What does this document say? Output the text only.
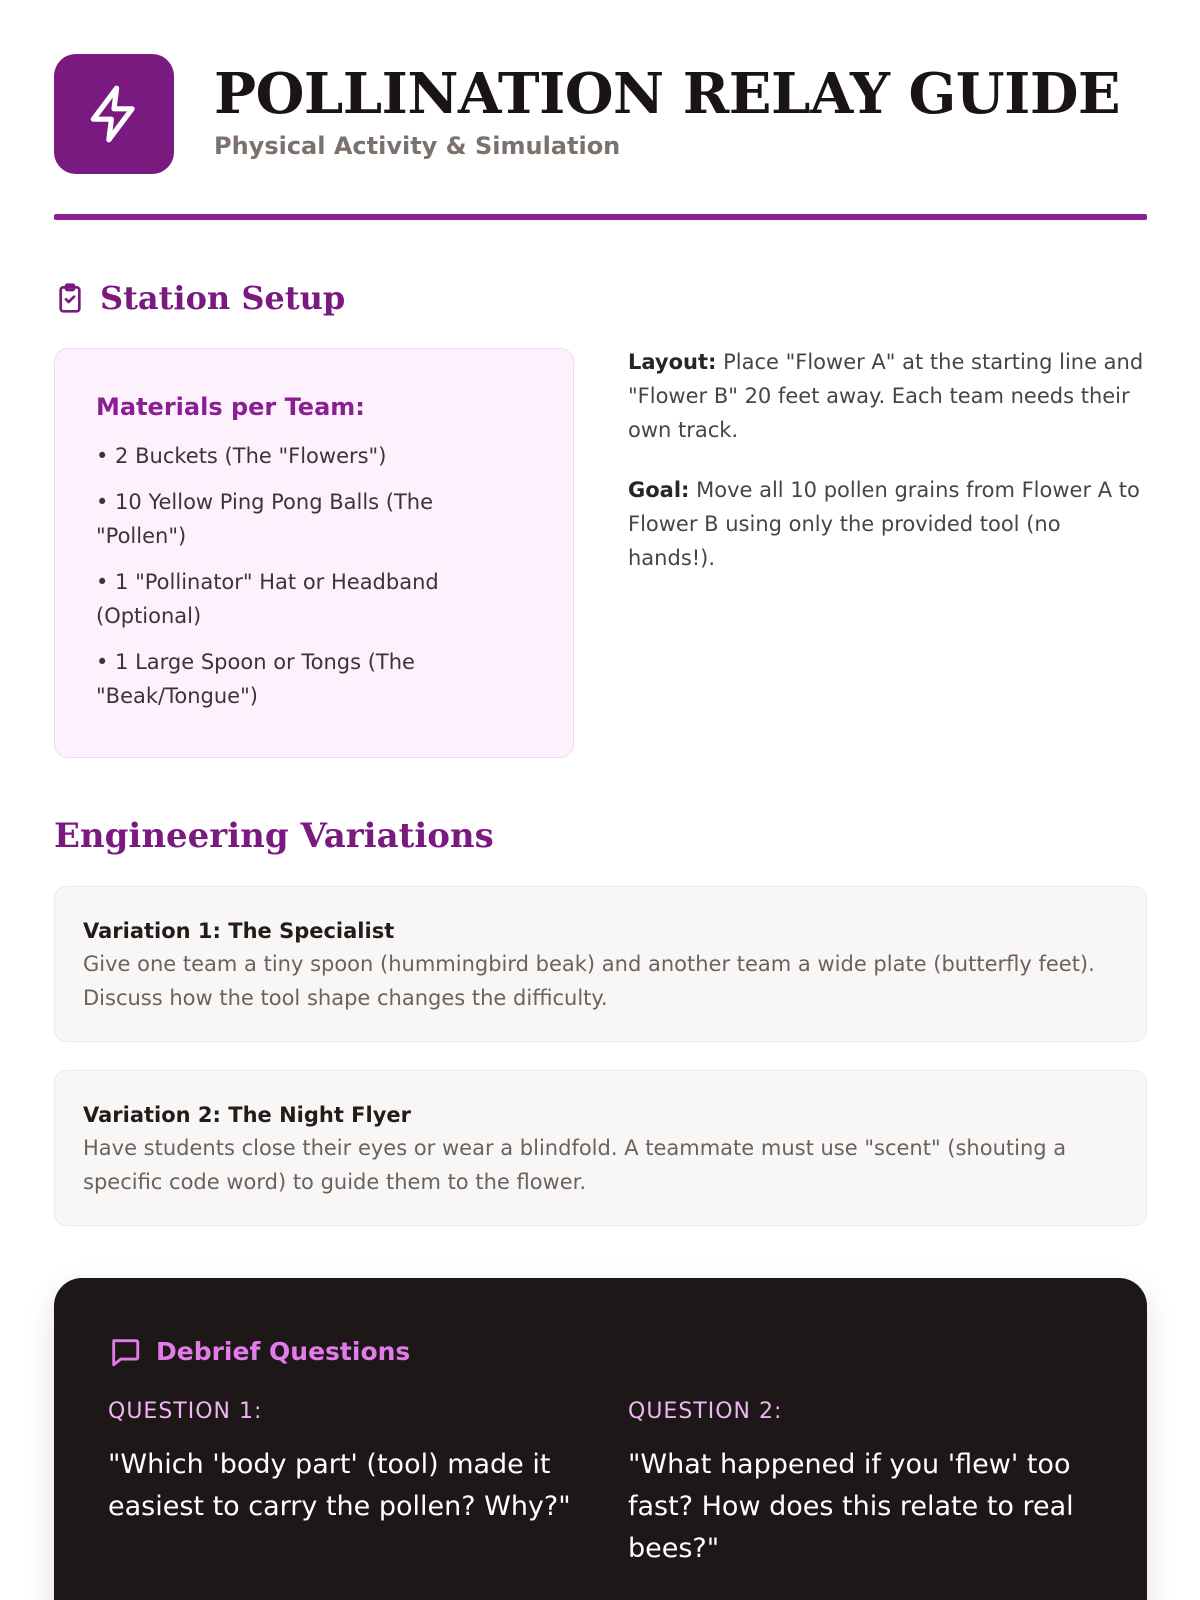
POLLINATION RELAY GUIDE
Physical Activity & Simulation
Station Setup
Materials per Team:
• 2 Buckets (The "Flowers")
• 10 Yellow Ping Pong Balls (The "Pollen")
• 1 "Pollinator" Hat or Headband (Optional)
• 1 Large Spoon or Tongs (The "Beak/Tongue")

Layout: Place "Flower A" at the starting line and "Flower B" 20 feet away. Each team needs their own track.

Goal: Move all 10 pollen grains from Flower A to Flower B using only the provided tool (no hands!).

Engineering Variations
Variation 1: The Specialist
Give one team a tiny spoon (hummingbird beak) and another team a wide plate (butterfly feet). Discuss how the tool shape changes the difficulty.
Variation 2: The Night Flyer
Have students close their eyes or wear a blindfold. A teammate must use "scent" (shouting a specific code word) to guide them to the flower.
Debrief Questions
QUESTION 1:
"Which 'body part' (tool) made it easiest to carry the pollen? Why?"
QUESTION 2:
"What happened if you 'flew' too fast? How does this relate to real bees?"
